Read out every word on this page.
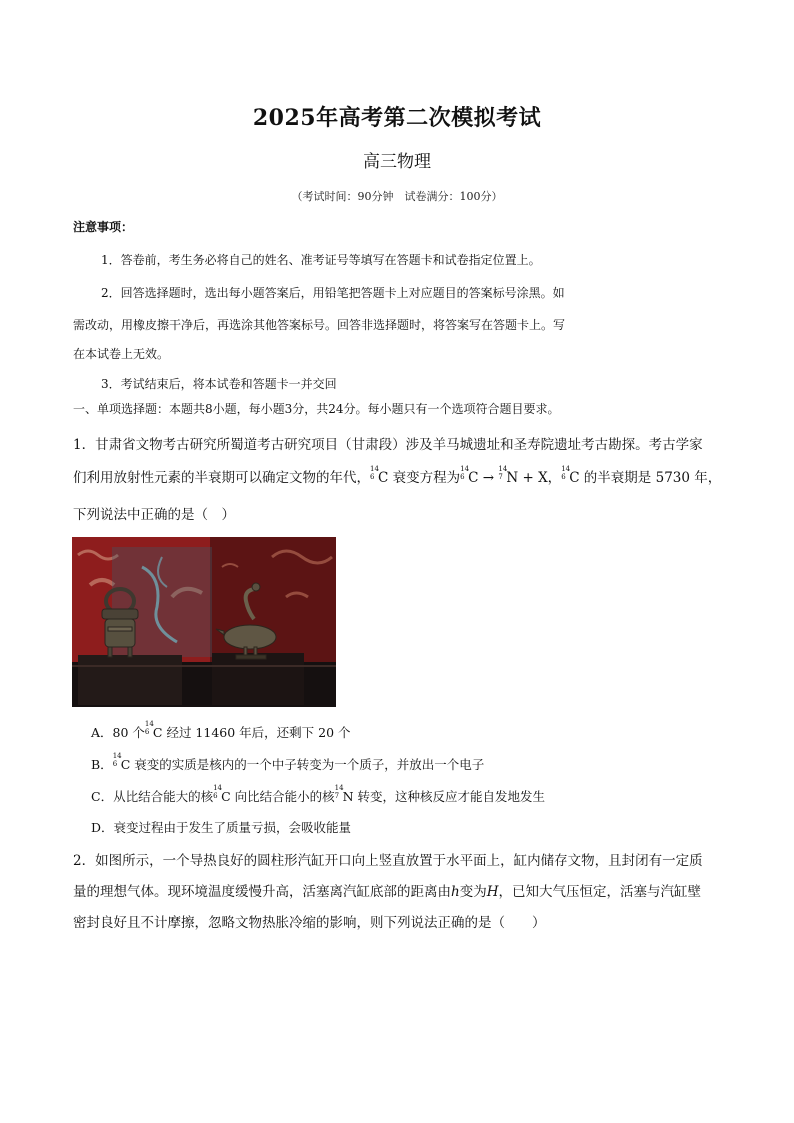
2025年高考第二次模拟考试
高三物理
（考试时间：90分钟　试卷满分：100分）
注意事项：
1．答卷前，考生务必将自己的姓名、准考证号等填写在答题卡和试卷指定位置上。
2．回答选择题时，选出每小题答案后，用铅笔把答题卡上对应题目的答案标号涂黑。如
需改动，用橡皮擦干净后，再选涂其他答案标号。回答非选择题时，将答案写在答题卡上。写
在本试卷上无效。
3．考试结束后，将本试卷和答题卡一并交回
一、单项选择题：本题共8小题，每小题3分，共24分。每小题只有一个选项符合题目要求。
1．甘肃省文物考古研究所蜀道考古研究项目（甘肃段）涉及羊马城遗址和圣寿院遗址考古勘探。考古学家
们利用放射性元素的半衰期可以确定文物的年代，
14
6 C 衰变方程为
14
6 C →
14
7 N + X，
14
6 C 的半衰期是 5730 年，
下列说法中正确的是（　）
A．80 个
14
6 C 经过 11460 年后，还剩下 20 个
B．
14
6 C 衰变的实质是核内的一个中子转变为一个质子，并放出一个电子
C．从比结合能大的核
14
6 C 向比结合能小的核
14
7 N 转变，这种核反应才能自发地发生
D．衰变过程由于发生了质量亏损，会吸收能量
2．如图所示，一个导热良好的圆柱形汽缸开口向上竖直放置于水平面上，缸内储存文物，且封闭有一定质
量的理想气体。现环境温度缓慢升高，活塞离汽缸底部的距离由h变为H，已知大气压恒定，活塞与汽缸壁
密封良好且不计摩擦，忽略文物热胀冷缩的影响，则下列说法正确的是（　　）
